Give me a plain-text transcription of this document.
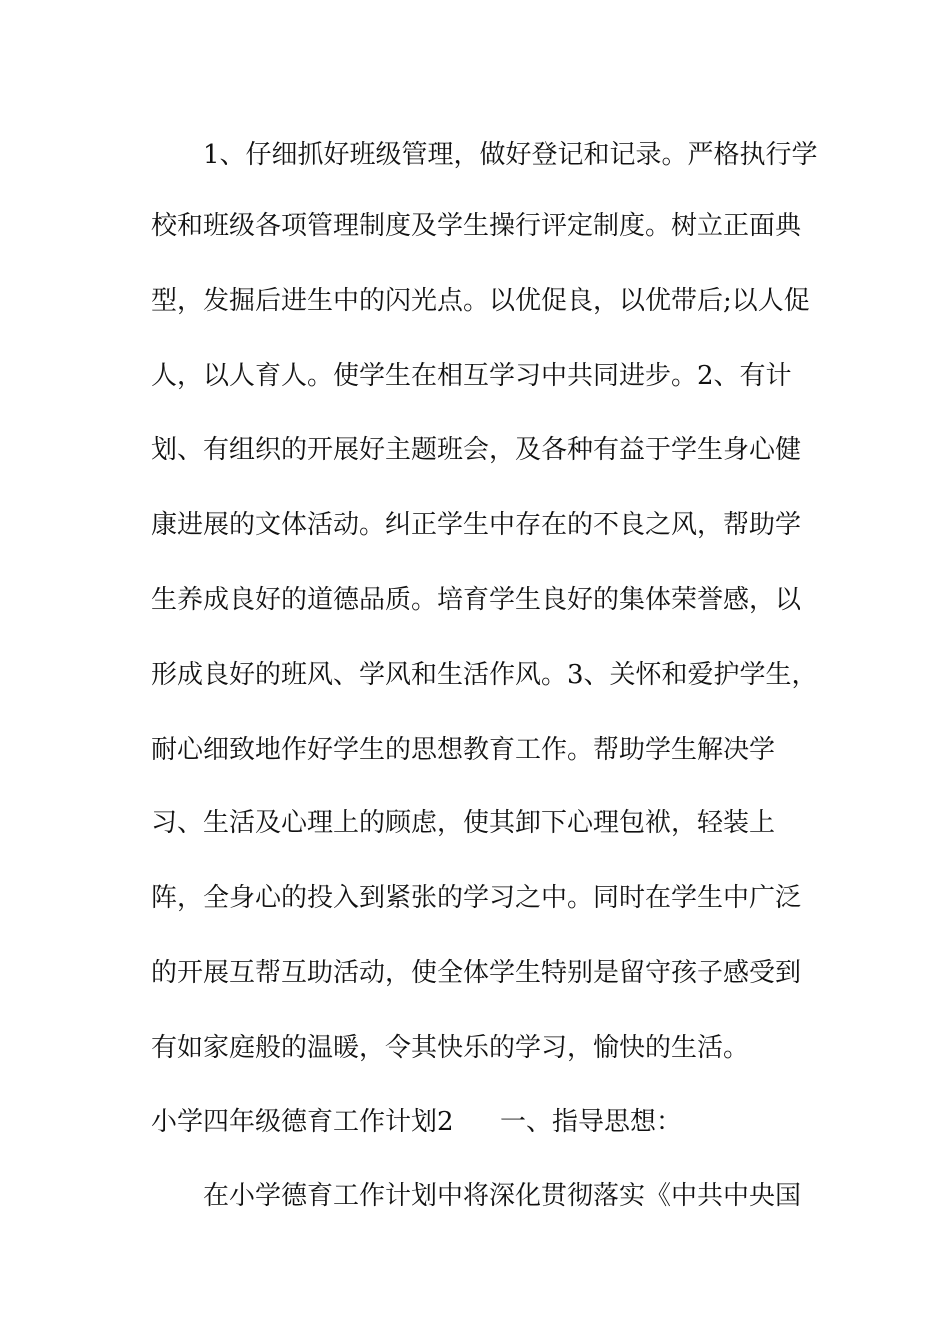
1、仔细抓好班级管理，做好登记和记录。严格执行学
校和班级各项管理制度及学生操行评定制度。树立正面典
型，发掘后进生中的闪光点。以优促良，以优带后;以人促
人，以人育人。使学生在相互学习中共同进步。2、有计
划、有组织的开展好主题班会，及各种有益于学生身心健
康进展的文体活动。纠正学生中存在的不良之风，帮助学
生养成良好的道德品质。培育学生良好的集体荣誉感，以
形成良好的班风、学风和生活作风。3、关怀和爱护学生，
耐心细致地作好学生的思想教育工作。帮助学生解决学
习、生活及心理上的顾虑，使其卸下心理包袱，轻装上
阵，全身心的投入到紧张的学习之中。同时在学生中广泛
的开展互帮互助活动，使全体学生特别是留守孩子感受到
有如家庭般的温暖，令其快乐的学习，愉快的生活。
小学四年级德育工作计划2 一、指导思想：
在小学德育工作计划中将深化贯彻落实《中共中央国
